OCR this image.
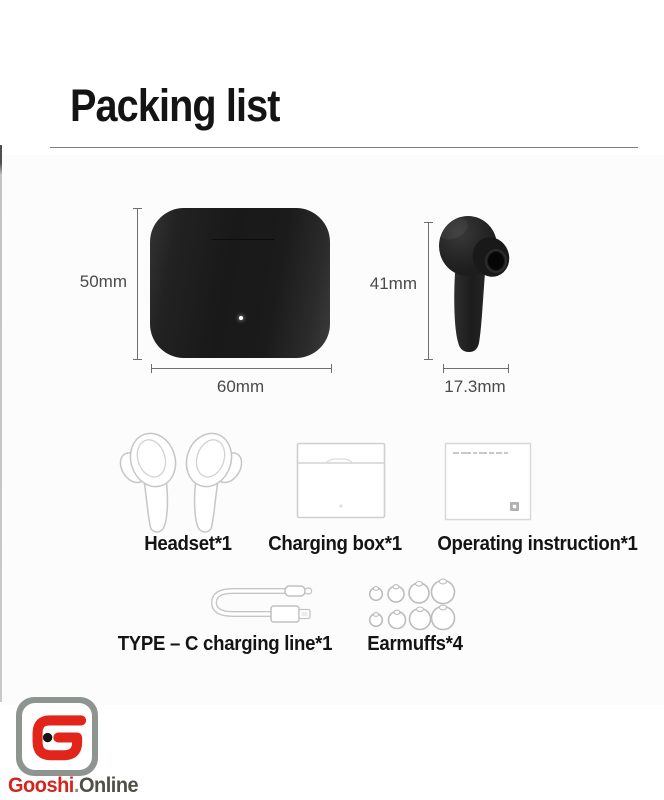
Packing list
50mm
60mm
41mm
17.3mm
Headset*1	Charging box*1	Operating instruction*1
TYPE – C charging line*1	Earmuffs*4
Gooshi.Online
